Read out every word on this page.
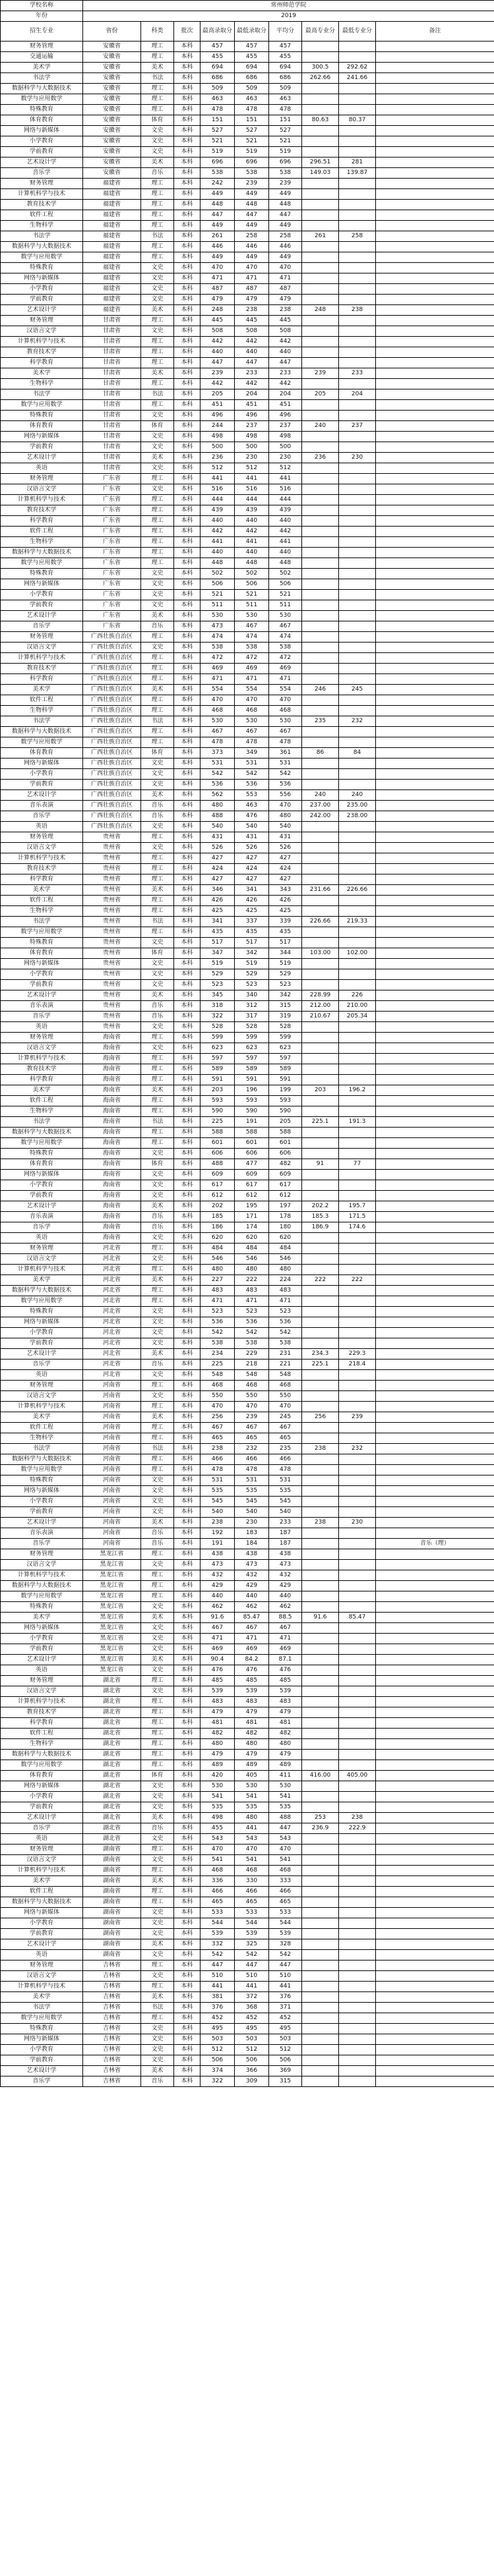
学校名称	常州师范学院								
年份	2019								
招生专业	省份	科类	批次	最高录取分	最低录取分	平均分	最高专业分	最低专业分	备注
财务管理	安徽省	理工	本科	457	457	457			
交通运输	安徽省	理工	本科	455	455	455			
美术学	安徽省	美术	本科	694	694	694	300.5	292.62	
书法学	安徽省	书法	本科	686	686	686	262.66	241.66	
数据科学与大数据技术	安徽省	理工	本科	509	509	509			
数学与应用数学	安徽省	理工	本科	463	463	463			
特殊教育	安徽省	理工	本科	478	478	478			
体育教育	安徽省	体育	本科	151	151	151	80.63	80.37	
网络与新媒体	安徽省	文史	本科	527	527	527			
小学教育	安徽省	文史	本科	521	521	521			
学前教育	安徽省	文史	本科	519	519	519			
艺术设计学	安徽省	美术	本科	696	696	696	296.51	281	
音乐学	安徽省	音乐	本科	538	538	538	149.03	139.87	
财务管理	福建省	理工	本科	242	239	239			
计算机科学与技术	福建省	理工	本科	449	449	449			
教育技术学	福建省	理工	本科	448	448	448			
软件工程	福建省	理工	本科	447	447	447			
生物科学	福建省	理工	本科	449	449	449			
书法学	福建省	书法	本科	261	258	258	261	258	
数据科学与大数据技术	福建省	理工	本科	446	446	446			
数学与应用数学	福建省	理工	本科	449	449	449			
特殊教育	福建省	文史	本科	470	470	470			
网络与新媒体	福建省	文史	本科	471	471	471			
小学教育	福建省	文史	本科	487	487	487			
学前教育	福建省	文史	本科	479	479	479			
艺术设计学	福建省	美术	本科	248	238	238	248	238	
财务管理	甘肃省	理工	本科	445	445	445			
汉语言文学	甘肃省	文史	本科	508	508	508			
计算机科学与技术	甘肃省	理工	本科	442	442	442			
教育技术学	甘肃省	理工	本科	440	440	440			
科学教育	甘肃省	理工	本科	447	447	447			
美术学	甘肃省	美术	本科	239	233	233	239	233	
生物科学	甘肃省	理工	本科	442	442	442			
书法学	甘肃省	书法	本科	205	204	204	205	204	
数学与应用数学	甘肃省	理工	本科	451	451	451			
特殊教育	甘肃省	文史	本科	496	496	496			
体育教育	甘肃省	体育	本科	244	237	237	240	237	
网络与新媒体	甘肃省	文史	本科	498	498	498			
学前教育	甘肃省	文史	本科	500	500	500			
艺术设计学	甘肃省	美术	本科	236	230	230	236	230	
英语	甘肃省	文史	本科	512	512	512			
财务管理	广东省	理工	本科	441	441	441			
汉语言文学	广东省	文史	本科	516	516	516			
计算机科学与技术	广东省	理工	本科	444	444	444			
教育技术学	广东省	理工	本科	439	439	439			
科学教育	广东省	理工	本科	440	440	440			
软件工程	广东省	理工	本科	442	442	442			
生物科学	广东省	理工	本科	441	441	441			
数据科学与大数据技术	广东省	理工	本科	440	440	440			
数学与应用数学	广东省	理工	本科	448	448	448			
特殊教育	广东省	文史	本科	502	502	502			
网络与新媒体	广东省	文史	本科	506	506	506			
小学教育	广东省	文史	本科	521	521	521			
学前教育	广东省	文史	本科	511	511	511			
艺术设计学	广东省	美术	本科	530	530	530			
音乐学	广东省	音乐	本科	473	467	467			
财务管理	广西壮族自治区	理工	本科	474	474	474			
汉语言文学	广西壮族自治区	文史	本科	538	538	538			
计算机科学与技术	广西壮族自治区	理工	本科	472	472	472			
教育技术学	广西壮族自治区	理工	本科	469	469	469			
科学教育	广西壮族自治区	理工	本科	471	471	471			
美术学	广西壮族自治区	美术	本科	554	554	554	246	245	
软件工程	广西壮族自治区	理工	本科	470	470	470			
生物科学	广西壮族自治区	理工	本科	468	468	468			
书法学	广西壮族自治区	书法	本科	530	530	530	235	232	
数据科学与大数据技术	广西壮族自治区	理工	本科	467	467	467			
数学与应用数学	广西壮族自治区	理工	本科	478	478	478			
体育教育	广西壮族自治区	体育	本科	373	349	361	86	84	
网络与新媒体	广西壮族自治区	文史	本科	531	531	531			
小学教育	广西壮族自治区	文史	本科	542	542	542			
学前教育	广西壮族自治区	文史	本科	536	536	536			
艺术设计学	广西壮族自治区	美术	本科	562	553	556	240	240	
音乐表演	广西壮族自治区	音乐	本科	480	463	470	237.00	235.00	
音乐学	广西壮族自治区	音乐	本科	488	476	480	242.00	238.00	
英语	广西壮族自治区	文史	本科	540	540	540			
财务管理	贵州省	理工	本科	431	431	431			
汉语言文学	贵州省	文史	本科	526	526	526			
计算机科学与技术	贵州省	理工	本科	427	427	427			
教育技术学	贵州省	理工	本科	424	424	424			
科学教育	贵州省	理工	本科	427	427	427			
美术学	贵州省	美术	本科	346	341	343	231.66	226.66	
软件工程	贵州省	理工	本科	426	426	426			
生物科学	贵州省	理工	本科	425	425	425			
书法学	贵州省	书法	本科	341	337	339	226.66	219.33	
数学与应用数学	贵州省	理工	本科	435	435	435			
特殊教育	贵州省	文史	本科	517	517	517			
体育教育	贵州省	体育	本科	347	342	344	103.00	102.00	
网络与新媒体	贵州省	文史	本科	519	519	519			
小学教育	贵州省	文史	本科	529	529	529			
学前教育	贵州省	文史	本科	523	523	523			
艺术设计学	贵州省	美术	本科	345	340	342	228.99	226	
音乐表演	贵州省	音乐	本科	318	312	315	212.00	210.00	
音乐学	贵州省	音乐	本科	322	317	319	210.67	205.34	
英语	贵州省	文史	本科	528	528	528			
财务管理	海南省	理工	本科	599	599	599			
汉语言文学	海南省	文史	本科	623	623	623			
计算机科学与技术	海南省	理工	本科	597	597	597			
教育技术学	海南省	理工	本科	589	589	589			
科学教育	海南省	理工	本科	591	591	591			
美术学	海南省	美术	本科	203	196	199	203	196.2	
软件工程	海南省	理工	本科	593	593	593			
生物科学	海南省	理工	本科	590	590	590			
书法学	海南省	书法	本科	225	191	205	225.1	191.3	
数据科学与大数据技术	海南省	理工	本科	588	588	588			
数学与应用数学	海南省	理工	本科	601	601	601			
特殊教育	海南省	文史	本科	606	606	606			
体育教育	海南省	体育	本科	488	477	482	91	77	
网络与新媒体	海南省	文史	本科	609	609	609			
小学教育	海南省	文史	本科	617	617	617			
学前教育	海南省	文史	本科	612	612	612			
艺术设计学	海南省	美术	本科	202	195	197	202.2	195.7	
音乐表演	海南省	音乐	本科	185	171	178	185.3	171.5	
音乐学	海南省	音乐	本科	186	174	180	186.9	174.6	
英语	海南省	文史	本科	620	620	620			
财务管理	河北省	理工	本科	484	484	484			
汉语言文学	河北省	文史	本科	546	546	546			
计算机科学与技术	河北省	理工	本科	480	480	480			
美术学	河北省	美术	本科	227	222	224	222	222	
数据科学与大数据技术	河北省	理工	本科	483	483	483			
数学与应用数学	河北省	理工	本科	471	471	471			
特殊教育	河北省	文史	本科	523	523	523			
网络与新媒体	河北省	文史	本科	536	536	536			
小学教育	河北省	文史	本科	542	542	542			
学前教育	河北省	文史	本科	538	538	538			
艺术设计学	河北省	美术	本科	234	229	231	234.3	229.3	
音乐学	河北省	音乐	本科	225	218	221	225.1	218.4	
英语	河北省	文史	本科	548	548	548			
财务管理	河南省	理工	本科	468	468	468			
汉语言文学	河南省	文史	本科	550	550	550			
计算机科学与技术	河南省	理工	本科	470	470	470			
美术学	河南省	美术	本科	256	239	245	256	239	
软件工程	河南省	理工	本科	467	467	467			
生物科学	河南省	理工	本科	465	465	465			
书法学	河南省	书法	本科	238	232	235	238	232	
数据科学与大数据技术	河南省	理工	本科	466	466	466			
数学与应用数学	河南省	理工	本科	478	478	478			
特殊教育	河南省	文史	本科	531	531	531			
网络与新媒体	河南省	文史	本科	535	535	535			
小学教育	河南省	文史	本科	545	545	545			
学前教育	河南省	文史	本科	540	540	540			
艺术设计学	河南省	美术	本科	238	230	233	238	230	
音乐表演	河南省	音乐	本科	192	183	187			
音乐学	河南省	音乐	本科	191	184	187			音乐（理）
财务管理	黑龙江省	理工	本科	438	438	438			
汉语言文学	黑龙江省	文史	本科	473	473	473			
计算机科学与技术	黑龙江省	理工	本科	432	432	432			
数据科学与大数据技术	黑龙江省	理工	本科	429	429	429			
数学与应用数学	黑龙江省	理工	本科	440	440	440			
特殊教育	黑龙江省	文史	本科	462	462	462			
美术学	黑龙江省	美术	本科	91.6	85.47	88.5	91.6	85.47	
网络与新媒体	黑龙江省	文史	本科	467	467	467			
小学教育	黑龙江省	文史	本科	471	471	471			
学前教育	黑龙江省	文史	本科	469	469	469			
艺术设计学	黑龙江省	美术	本科	90.4	84.2	87.1			
英语	黑龙江省	文史	本科	476	476	476			
财务管理	湖北省	理工	本科	485	485	485			
汉语言文学	湖北省	文史	本科	539	539	539			
计算机科学与技术	湖北省	理工	本科	483	483	483			
教育技术学	湖北省	理工	本科	479	479	479			
科学教育	湖北省	理工	本科	481	481	481			
软件工程	湖北省	理工	本科	482	482	482			
生物科学	湖北省	理工	本科	480	480	480			
数据科学与大数据技术	湖北省	理工	本科	479	479	479			
数学与应用数学	湖北省	理工	本科	489	489	489			
体育教育	湖北省	体育	本科	420	405	411	416.00	405.00	
网络与新媒体	湖北省	文史	本科	530	530	530			
小学教育	湖北省	文史	本科	541	541	541			
学前教育	湖北省	文史	本科	535	535	535			
艺术设计学	湖北省	美术	本科	498	480	488	253	238	
音乐学	湖北省	音乐	本科	455	441	447	236.9	222.9	
英语	湖北省	文史	本科	543	543	543			
财务管理	湖南省	理工	本科	470	470	470			
汉语言文学	湖南省	文史	本科	541	541	541			
计算机科学与技术	湖南省	理工	本科	468	468	468			
美术学	湖南省	美术	本科	336	330	333			
软件工程	湖南省	理工	本科	466	466	466			
数据科学与大数据技术	湖南省	理工	本科	465	465	465			
网络与新媒体	湖南省	文史	本科	533	533	533			
小学教育	湖南省	文史	本科	544	544	544			
学前教育	湖南省	文史	本科	539	539	539			
艺术设计学	湖南省	美术	本科	332	325	328			
英语	湖南省	文史	本科	542	542	542			
财务管理	吉林省	理工	本科	447	447	447			
汉语言文学	吉林省	文史	本科	510	510	510			
计算机科学与技术	吉林省	理工	本科	441	441	441			
美术学	吉林省	美术	本科	381	372	376			
书法学	吉林省	书法	本科	376	368	371			
数学与应用数学	吉林省	理工	本科	452	452	452			
特殊教育	吉林省	文史	本科	495	495	495			
网络与新媒体	吉林省	文史	本科	503	503	503			
小学教育	吉林省	文史	本科	512	512	512			
学前教育	吉林省	文史	本科	506	506	506			
艺术设计学	吉林省	美术	本科	374	366	369			
音乐学	吉林省	音乐	本科	322	309	315			
